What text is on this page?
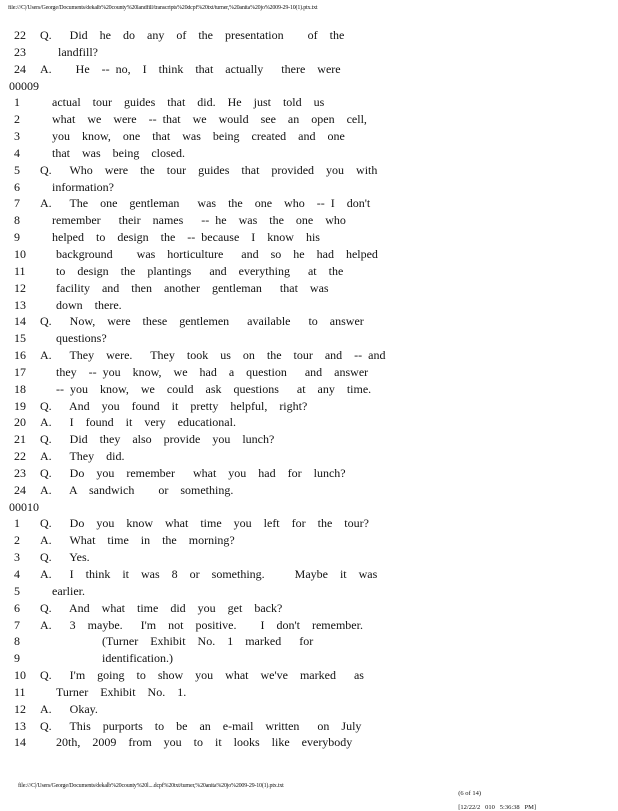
file:///C|/Users/George/Documents/dekalb%20county%20landfill/transcripts%20dcpf%20txt/turner,%20anita%20jo%2009-29-10(1).ptx.txt
22 Q.   Did  he  do  any  of  the  presentation    of  the
23	landfill?
24 A.    He  -- no,  I  think  that  actually   there  were
00009
1	actual  tour  guides  that  did.  He  just  told  us
2	what  we  were  -- that  we  would  see  an  open  cell,
3	you  know,  one  that  was  being  created  and  one
4	that  was  being  closed.
5 Q.   Who  were  the  tour  guides  that  provided  you  with
6	information?
7 A.   The  one  gentleman   was  the  one  who  -- I  don't
8	remember   their  names   -- he  was  the  one  who
9	helped  to  design  the  -- because  I  know  his
10	background    was  horticulture   and  so  he  had  helped
11	to  design  the  plantings   and  everything   at  the
12	facility  and  then  another  gentleman   that  was
13	down  there.
14 Q.   Now,  were  these  gentlemen   available   to  answer
15	questions?
16 A.   They  were.   They  took  us  on  the  tour  and  -- and
17	they  -- you  know,  we  had  a  question   and  answer
18	-- you  know,  we  could  ask  questions   at  any  time.
19 Q.   And  you  found  it  pretty  helpful,  right?
20 A.   I  found  it  very  educational.
21 Q.   Did  they  also  provide  you  lunch?
22 A.   They  did.
23 Q.   Do  you  remember   what  you  had  for  lunch?
24 A.   A  sandwich    or  something.
00010
1 Q.   Do  you  know  what  time  you  left  for  the  tour?
2 A.   What  time  in  the  morning?
3 Q.   Yes.
4 A.   I  think  it  was  8  or  something.     Maybe  it  was
5	earlier.
6 Q.   And  what  time  did  you  get  back?
7 A.   3  maybe.   I'm  not  positive.    I  don't  remember.
8	(Turner  Exhibit  No.  1  marked   for
9	identification.)
10 Q.   I'm  going  to  show  you  what  we've  marked   as
11	Turner  Exhibit  No.  1.
12 A.   Okay.
13 Q.   This  purports  to  be  an  e-mail  written   on  July
14	20th,  2009  from  you  to  it  looks  like  everybody
file:///C|/Users/George/Documents/dekalb%20county%20l....dcpf%20txt/turner,%20anita%20jo%2009-29-10(1).ptx.txt

(6 of 14)

[12/22/2   010   5:36:38   PM]
